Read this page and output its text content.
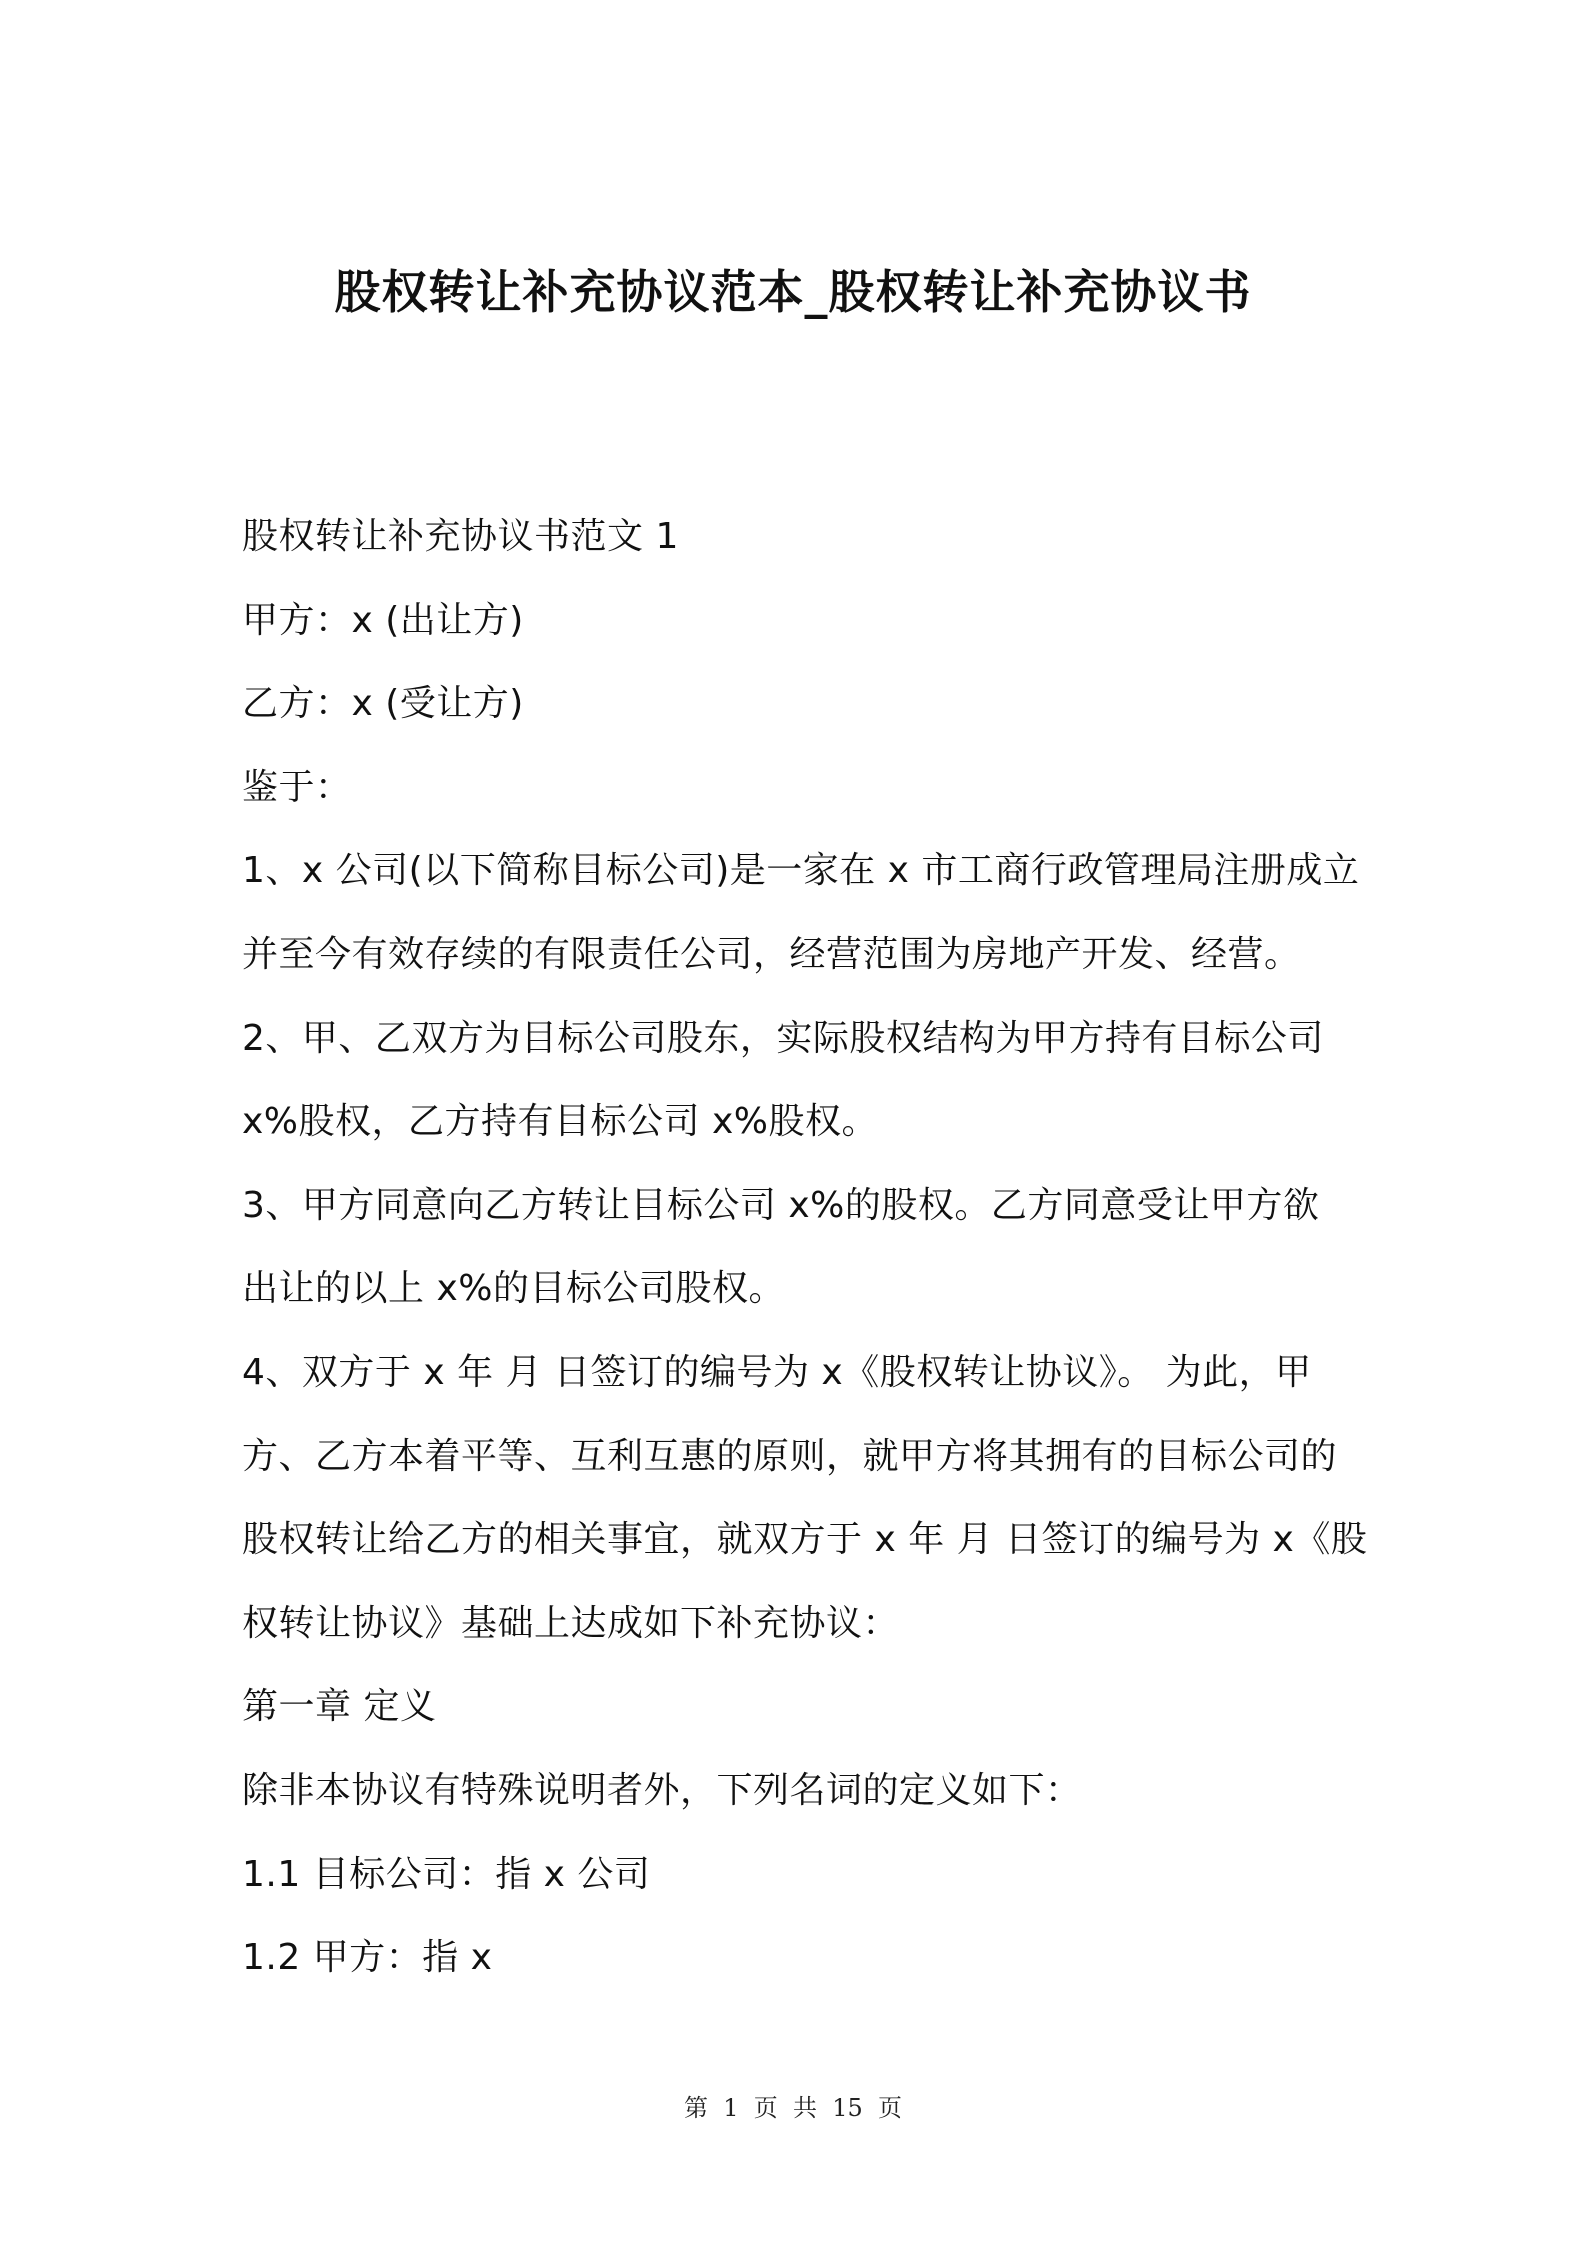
股权转让补充协议范本_股权转让补充协议书
股权转让补充协议书范文 1
甲方：x (出让方)
乙方：x (受让方)
鉴于：
1、x 公司(以下简称目标公司)是一家在 x 市工商行政管理局注册成立
并至今有效存续的有限责任公司，经营范围为房地产开发、经营。
2、甲、乙双方为目标公司股东，实际股权结构为甲方持有目标公司
x%股权，乙方持有目标公司 x%股权。
3、甲方同意向乙方转让目标公司 x%的股权。乙方同意受让甲方欲
出让的以上 x%的目标公司股权。
4、双方于 x 年 月 日签订的编号为 x《股权转让协议》。 为此，甲
方、乙方本着平等、互利互惠的原则，就甲方将其拥有的目标公司的
股权转让给乙方的相关事宜，就双方于 x 年 月 日签订的编号为 x《股
权转让协议》基础上达成如下补充协议：
第一章 定义
除非本协议有特殊说明者外，下列名词的定义如下：
1.1 目标公司：指 x 公司
1.2 甲方：指 x
第  1  页  共  15  页
